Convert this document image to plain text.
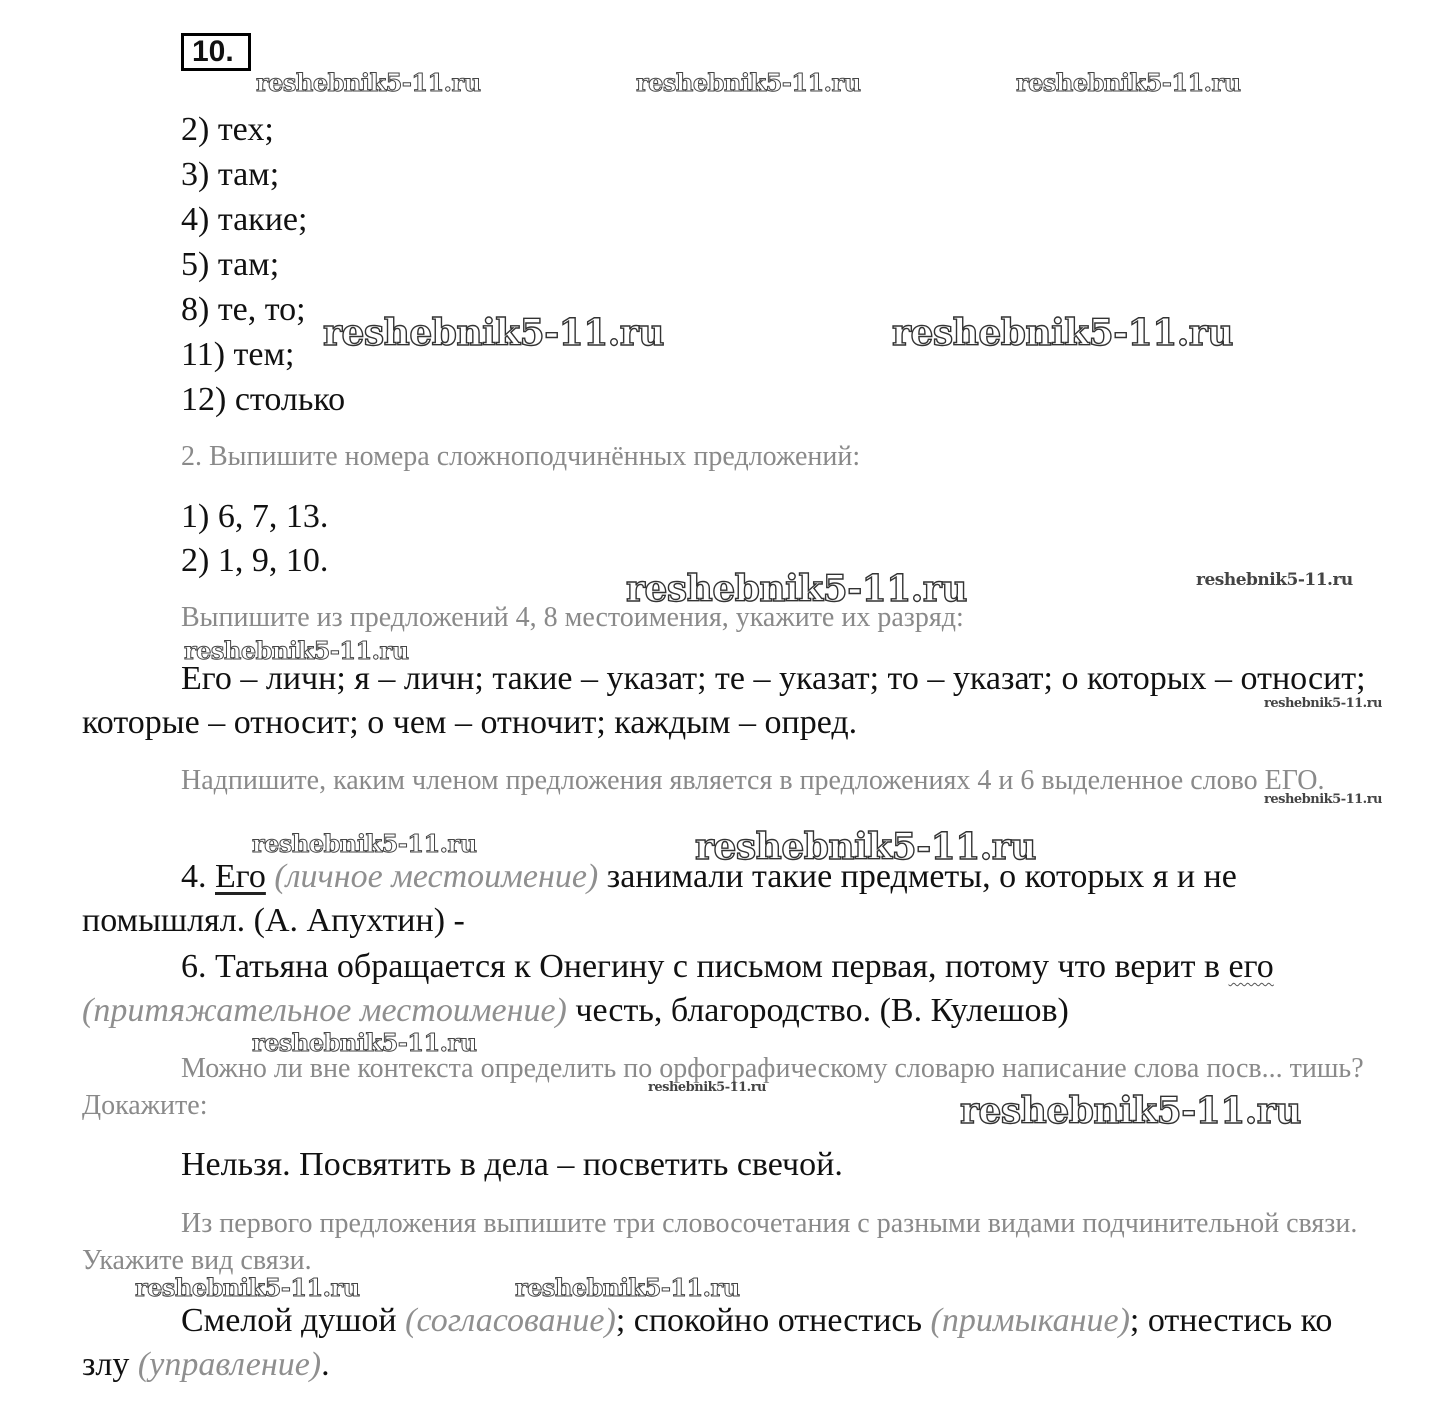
10.
2) тех;
3) там;
4) такие;
5) там;
8) те, то;
11) тем;
12) столько
2. Выпишите номера сложноподчинённых предложений:
1) 6, 7, 13.
2) 1, 9, 10.
Выпишите из предложений 4, 8 местоимения, укажите их разряд:
Его – личн; я – личн; такие – указат; те – указат; то – указат; о которых – относит; которые – относит; о чем – отночит; каждым – опред.
Надпишите, каким членом предложения является в предложениях 4 и 6 выделенное слово ЕГО.
4. Его (личное местоимение) занимали такие предметы, о которых я и не помышлял. (А. Апухтин) -
6. Татьяна обращается к Онегину с письмом первая, потому что верит в его (притяжательное местоимение) честь, благородство. (В. Кулешов)
Можно ли вне контекста определить по орфографическому словарю написание слова посв... тишь? Докажите:
Нельзя. Посвятить в дела – посветить свечой.
Из первого предложения выпишите три словосочетания с разными видами подчинительной связи. Укажите вид связи.
Смелой душой (согласование); спокойно отнестись (примыкание); отнестись ко злу (управление).
reshebnik5-11.ru	reshebnik5-11.ru	reshebnik5-11.ru
reshebnik5-11.ru	reshebnik5-11.ru
reshebnik5-11.ru	reshebnik5-11.ru
reshebnik5-11.ru
reshebnik5-11.ru
reshebnik5-11.ru
reshebnik5-11.ru	reshebnik5-11.ru
reshebnik5-11.ru
reshebnik5-11.ru
reshebnik5-11.ru
reshebnik5-11.ru	reshebnik5-11.ru
